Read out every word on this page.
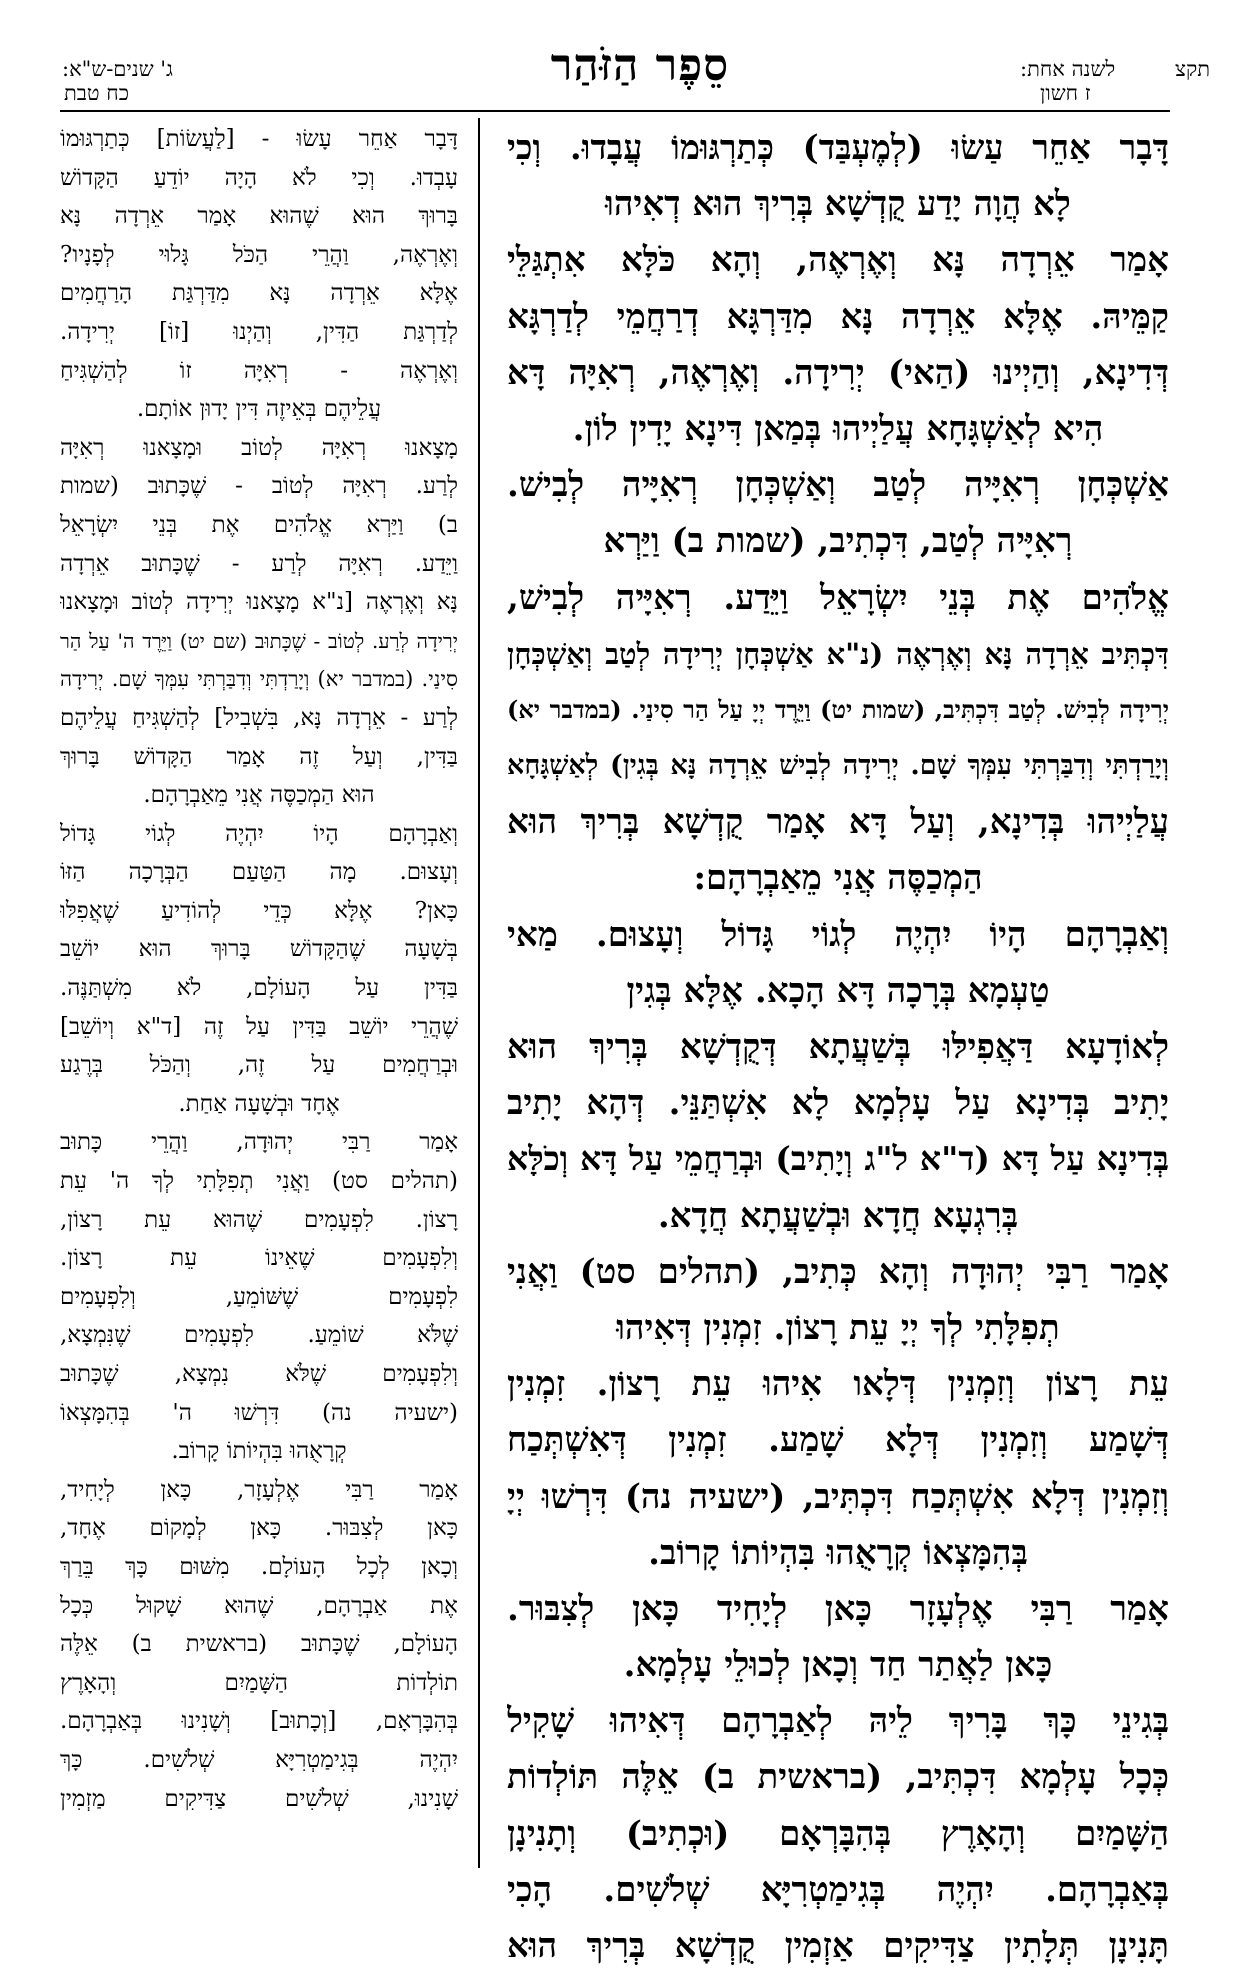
תקצ
לשנה אחת:
ז חשון
סֵפֶר הַזֹּהַר
ג' שנים-ש"א:
כח טבת
דָּבָר אַחֵר עַשׂוּ (לְמֶעְבַּד) כְּתַרְגּוּמוֹ עֲבָדוּ. וְכִי
לָא הֲוָה יָדַע קֻדְשָׁא בְּרִיךְ הוּא דְאִיהוּ
אָמַר אֵרְדָה נָּא וְאֶרְאֶה, וְהָא כֹּלָּא אִתְגַּלֵּי
קַמֵּיהּ. אֶלָּא אֵרְדָה נָּא מִדַּרְגָּא דְרַחֲמֵי לְדַרְגָּא
דְּדִינָא, וְהַיְינוּ (הַאי) יְרִידָה. וְאֶרְאֶה, רְאִיָּה דָּא
הִיא לְאַשְׁגָּחָא עֲלַיְיהוּ בְּמַאן דִּינָא יָדִין לוֹן.
אַשְׁכְּחָן רְאִיָּיה לְטַב וְאַשְׁכְּחָן רְאִיָּיה לְבִישׁ.
רְאִיָּיה לְטַב, דִּכְתִיב, (שמות ב) וַיַּרְא
אֱלֹהִים אֶת בְּנֵי יִשְׂרָאֵל וַיֵּדַע. רְאִיָּיה לְבִישׁ,
דִּכְתִּיב אֵרְדָה נָּא וְאֶרְאֶה (נ"א אַשְׁכְּחָן יְרִידָה לְטַב וְאַשְׁכְּחָן
יְרִידָה לְבִישׁ. לְטַב דִּכְתִּיב, (שמות יט) וַיֵּרֶד יְיָ עַל הַר סִינַי. (במדבר יא)
וְיָרַדְתִּי וְדִבַּרְתִּי עִמְּךָ שָׁם. יְרִידָה לְבִישׁ אֵרְדָה נָּא בְּגִין) לְאַשְׁגָּחָא
עֲלַיְיהוּ בְּדִינָא, וְעַל דָּא אָמַר קֻדְשָׁא בְּרִיךְ הוּא
הַמְכַסֶּה אֲנִי מֵאַבְרָהָם:
וְאַבְרָהָם הָיוֹ יִהְיֶה לְגוֹי גָּדוֹל וְעָצוּם. מַאי
טַעְמָא בְּרָכָה דָּא הָכָא. אֶלָּא בְּגִין
לְאוֹדָעָא דַּאֲפִילּוּ בְּשַׁעֲתָא דְּקֻדְשָׁא בְּרִיךְ הוּא
יָתִיב בְּדִינָא עַל עָלְמָא לָא אִשְׁתַּנֵּי. דְּהָא יָתִיב
בְּדִינָא עַל דָּא (ד"א ל"ג וְיָתִיב) וּבְרַחֲמֵי עַל דָּא וְכֹלָּא
בְּרִגְעָא חֲדָא וּבְשַׁעֲתָא חֲדָא.
אָמַר רַבִּי יְהוּדָה וְהָא כְּתִיב, (תהלים סט) וַאֲנִי
תְפִלָּתִי לְךָ יְיָ עֵת רָצוֹן. זִמְנִין דְּאִיהוּ
עֵת רָצוֹן וְזִמְנִין דְּלָאו אִיהוּ עֵת רָצוֹן. זִמְנִין
דְּשָׁמַע וְזִמְנִין דְּלָא שָׁמַע. זִמְנִין דְּאִשְׁתְּכַח
וְזִמְנִין דְּלָא אִשְׁתְּכַח דִּכְתִּיב, (ישעיה נה) דִּרְשׁוּ יְיָ
בְּהִמָּצְאוֹ קְרָאֻהוּ בִּהְיוֹתוֹ קָרוֹב.
אָמַר רַבִּי אֶלְעָזָר כָּאן לְיָחִיד כָּאן לְצִבּוּר.
כָּאן לַאֲתַר חַד וְכָאן לְכוּלֵי עָלְמָא.
בְּגִינֵי כָּךְ בָּרִיךְ לֵיהּ לְאַבְרָהָם דְּאִיהוּ שָׁקִיל
כְּכָל עָלְמָא דִּכְתִּיב, (בראשית ב) אֵלֶּה תּוֹלְדוֹת
הַשָּׁמַיִם וְהָאָרֶץ בְּהִבָּרְאָם (וּכְתִיב) וְתָנִינָן
בְּאַבְרָהָם. יִהְיֶה בְּגִימַטְרִיָּא שְׁלֹשִׁים. הָכִי
תָּנִינָן תְּלָתִין צַדִּיקִים אַזְמִין קֻדְשָׁא בְּרִיךְ הוּא
דָּבָר אַחֵר עָשׂוּ - [לַעֲשׂוֹת] כְּתַרְגּוּמוֹ
עָבְדוּ. וְכִי לֹא הָיָה יוֹדֵעַ הַקָּדוֹשׁ
בָּרוּךְ הוּא שֶׁהוּא אָמַר אֵרְדָה נָּא
וְאֶרְאֶה, וַהֲרֵי הַכֹּל גָּלוּי לְפָנָיו?
אֶלָּא אֵרְדָה נָּא מִדַּרְגַּת הָרַחֲמִים
לְדַרְגַּת הַדִּין, וְהַיְנוּ [זוֹ] יְרִידָה.
וְאֶרְאֶה - רְאִיָּה זוֹ לְהַשְׁגִּיחַ
עֲלֵיהֶם בְּאֵיזֶה דִּין יָדוּן אוֹתָם.
מָצָאנוּ רְאִיָּה לְטוֹב וּמָצָאנוּ רְאִיָּה
לְרַע. רְאִיָּה לְטוֹב - שֶׁכָּתוּב (שמות
ב) וַיַּרְא אֱלֹהִים אֶת בְּנֵי יִשְׂרָאֵל
וַיֵּדַע. רְאִיָּה לְרַע - שֶׁכָּתוּב אֵרְדָה
נָּא וְאֶרְאֶה [נ"א מָצָאנוּ יְרִידָה לְטוֹב וּמָצָאנוּ
יְרִידָה לְרַע. לְטוֹב - שֶׁכָּתוּב (שם יט) וַיֵּרֶד ה' עַל הַר
סִינַי. (במדבר יא) וְיָרַדְתִּי וְדִבַּרְתִּי עִמְּךָ שָׁם. יְרִידָה
לְרַע - אֵרְדָה נָּא, בִּשְׁבִיל] לְהַשְׁגִּיחַ עֲלֵיהֶם
בַּדִּין, וְעַל זֶה אָמַר הַקָּדוֹשׁ בָּרוּךְ
הוּא הַמְכַסֶּה אֲנִי מֵאַבְרָהָם.
וְאַבְרָהָם הָיוֹ יִהְיֶה לְגוֹי גָּדוֹל
וְעָצוּם. מָה הַטַּעַם הַבְּרָכָה הַזּוֹ
כָּאן? אֶלָּא כְּדֵי לְהוֹדִיעַ שֶׁאֲפִלּוּ
בְּשָׁעָה שֶׁהַקָּדוֹשׁ בָּרוּךְ הוּא יוֹשֵׁב
בַּדִּין עַל הָעוֹלָם, לֹא מִשְׁתַּנֶּה.
שֶׁהֲרֵי יוֹשֵׁב בַּדִּין עַל זֶה [ד"א וְיוֹשֵׁב]
וּבְרַחֲמִים עַל זֶה, וְהַכֹּל בְּרֶגַע
אֶחָד וּבְשָׁעָה אַחַת.
אָמַר רַבִּי יְהוּדָה, וַהֲרֵי כָּתוּב
(תהלים סט) וַאֲנִי תְפִלָּתִי לְךָ ה' עֵת
רָצוֹן. לִפְעָמִים שֶׁהוּא עֵת רָצוֹן,
וְלִפְעָמִים שֶׁאֵינוֹ עֵת רָצוֹן.
לִפְעָמִים שֶׁשּׁוֹמֵעַ, וְלִפְעָמִים
שֶׁלֹּא שׁוֹמֵעַ. לִפְעָמִים שֶׁנִּמְצָא,
וְלִפְעָמִים שֶׁלֹּא נִמְצָא, שֶׁכָּתוּב
(ישעיה נה) דִּרְשׁוּ ה' בְּהִמָּצְאוֹ
קְרָאֻהוּ בִּהְיוֹתוֹ קָרוֹב.
אָמַר רַבִּי אֶלְעָזָר, כָּאן לְיָחִיד,
כָּאן לְצִבּוּר. כָּאן לְמָקוֹם אֶחָד,
וְכָאן לְכָל הָעוֹלָם. מִשּׁוּם כָּךְ בֵּרַךְ
אֶת אַבְרָהָם, שֶׁהוּא שָׁקוּל כְּכָל
הָעוֹלָם, שֶׁכָּתוּב (בראשית ב) אֵלֶּה
תוֹלְדוֹת הַשָּׁמַיִם וְהָאָרֶץ
בְּהִבָּרְאָם, [וְכָתוּב] וְשָׁנִינוּ בְּאַבְרָהָם.
יִהְיֶה בְּגִימַטְרִיָּא שְׁלֹשִׁים. כָּךְ
שָׁנִינוּ, שְׁלֹשִׁים צַדִּיקִים מַזְמִין
